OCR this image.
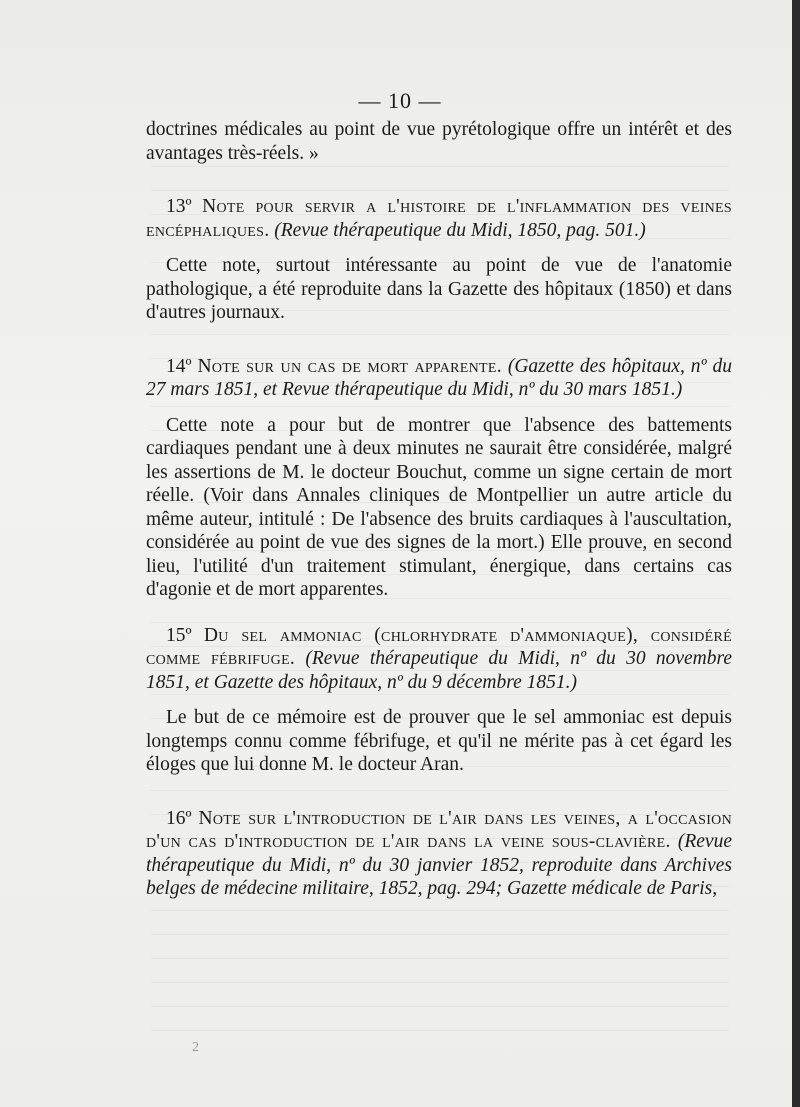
— 10 —

doctrines médicales au point de vue pyrétologique offre un intérêt et des avantages très-réels. »

13º Note pour servir a l'histoire de l'inflammation des veines encéphaliques. (Revue thérapeutique du Midi, 1850, pag. 501.)

Cette note, surtout intéressante au point de vue de l'anatomie pathologique, a été reproduite dans la Gazette des hôpitaux (1850) et dans d'autres journaux.

14º Note sur un cas de mort apparente. (Gazette des hôpitaux, nº du 27 mars 1851, et Revue thérapeutique du Midi, nº du 30 mars 1851.)

Cette note a pour but de montrer que l'absence des battements cardiaques pendant une à deux minutes ne saurait être considérée, malgré les assertions de M. le docteur Bouchut, comme un signe certain de mort réelle. (Voir dans Annales cliniques de Montpellier un autre article du même auteur, intitulé : De l'absence des bruits cardiaques à l'auscultation, considérée au point de vue des signes de la mort.) Elle prouve, en second lieu, l'utilité d'un traitement stimulant, énergique, dans certains cas d'agonie et de mort apparentes.

15º Du sel ammoniac (chlorhydrate d'ammoniaque), considéré comme fébrifuge. (Revue thérapeutique du Midi, nº du 30 novembre 1851, et Gazette des hôpitaux, nº du 9 décembre 1851.)

Le but de ce mémoire est de prouver que le sel ammoniac est depuis longtemps connu comme fébrifuge, et qu'il ne mérite pas à cet égard les éloges que lui donne M. le docteur Aran.

16º Note sur l'introduction de l'air dans les veines, a l'occasion d'un cas d'introduction de l'air dans la veine sous-clavière. (Revue thérapeutique du Midi, nº du 30 janvier 1852, reproduite dans Archives belges de médecine militaire, 1852, pag. 294; Gazette médicale de Paris,

2
